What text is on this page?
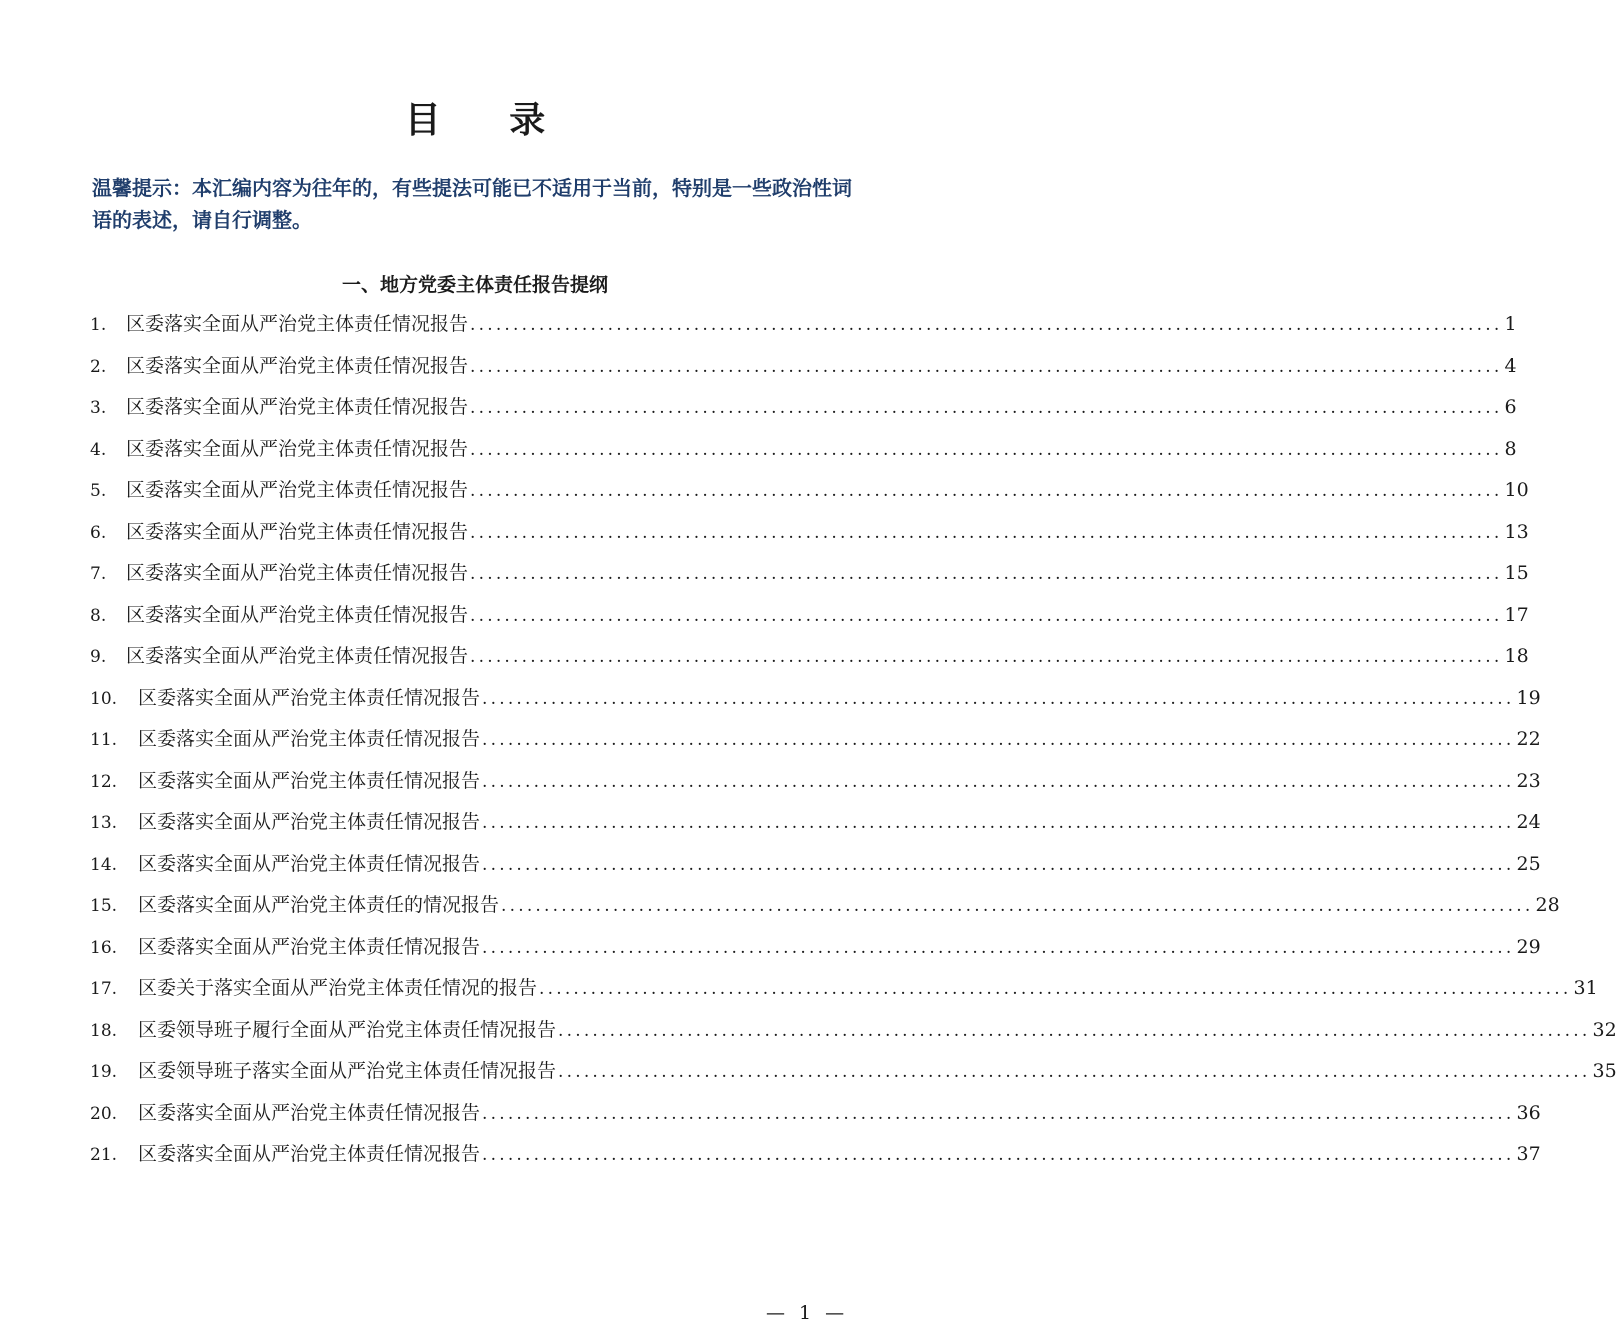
目 录
温馨提示：本汇编内容为往年的，有些提法可能已不适用于当前，特别是一些政治性词语的表述，请自行调整。
一、地方党委主体责任报告提纲
1.	区委落实全面从严治党主体责任情况报告 ........................................................................................................................ 1
2.	区委落实全面从严治党主体责任情况报告 ........................................................................................................................ 4
3.	区委落实全面从严治党主体责任情况报告 ........................................................................................................................ 6
4.	区委落实全面从严治党主体责任情况报告 ........................................................................................................................ 8
5.	区委落实全面从严治党主体责任情况报告 ........................................................................................................................ 10
6.	区委落实全面从严治党主体责任情况报告 ........................................................................................................................ 13
7.	区委落实全面从严治党主体责任情况报告 ........................................................................................................................ 15
8.	区委落实全面从严治党主体责任情况报告 ........................................................................................................................ 17
9.	区委落实全面从严治党主体责任情况报告 ........................................................................................................................ 18
10.	区委落实全面从严治党主体责任情况报告 ........................................................................................................................ 19
11.	区委落实全面从严治党主体责任情况报告 ........................................................................................................................ 22
12.	区委落实全面从严治党主体责任情况报告 ........................................................................................................................ 23
13.	区委落实全面从严治党主体责任情况报告 ........................................................................................................................ 24
14.	区委落实全面从严治党主体责任情况报告 ........................................................................................................................ 25
15.	区委落实全面从严治党主体责任的情况报告 ........................................................................................................................ 28
16.	区委落实全面从严治党主体责任情况报告 ........................................................................................................................ 29
17.	区委关于落实全面从严治党主体责任情况的报告 ........................................................................................................................ 31
18.	区委领导班子履行全面从严治党主体责任情况报告 ........................................................................................................................ 32
19.	区委领导班子落实全面从严治党主体责任情况报告 ........................................................................................................................ 35
20.	区委落实全面从严治党主体责任情况报告 ........................................................................................................................ 36
21.	区委落实全面从严治党主体责任情况报告 ........................................................................................................................ 37
— 1 —
